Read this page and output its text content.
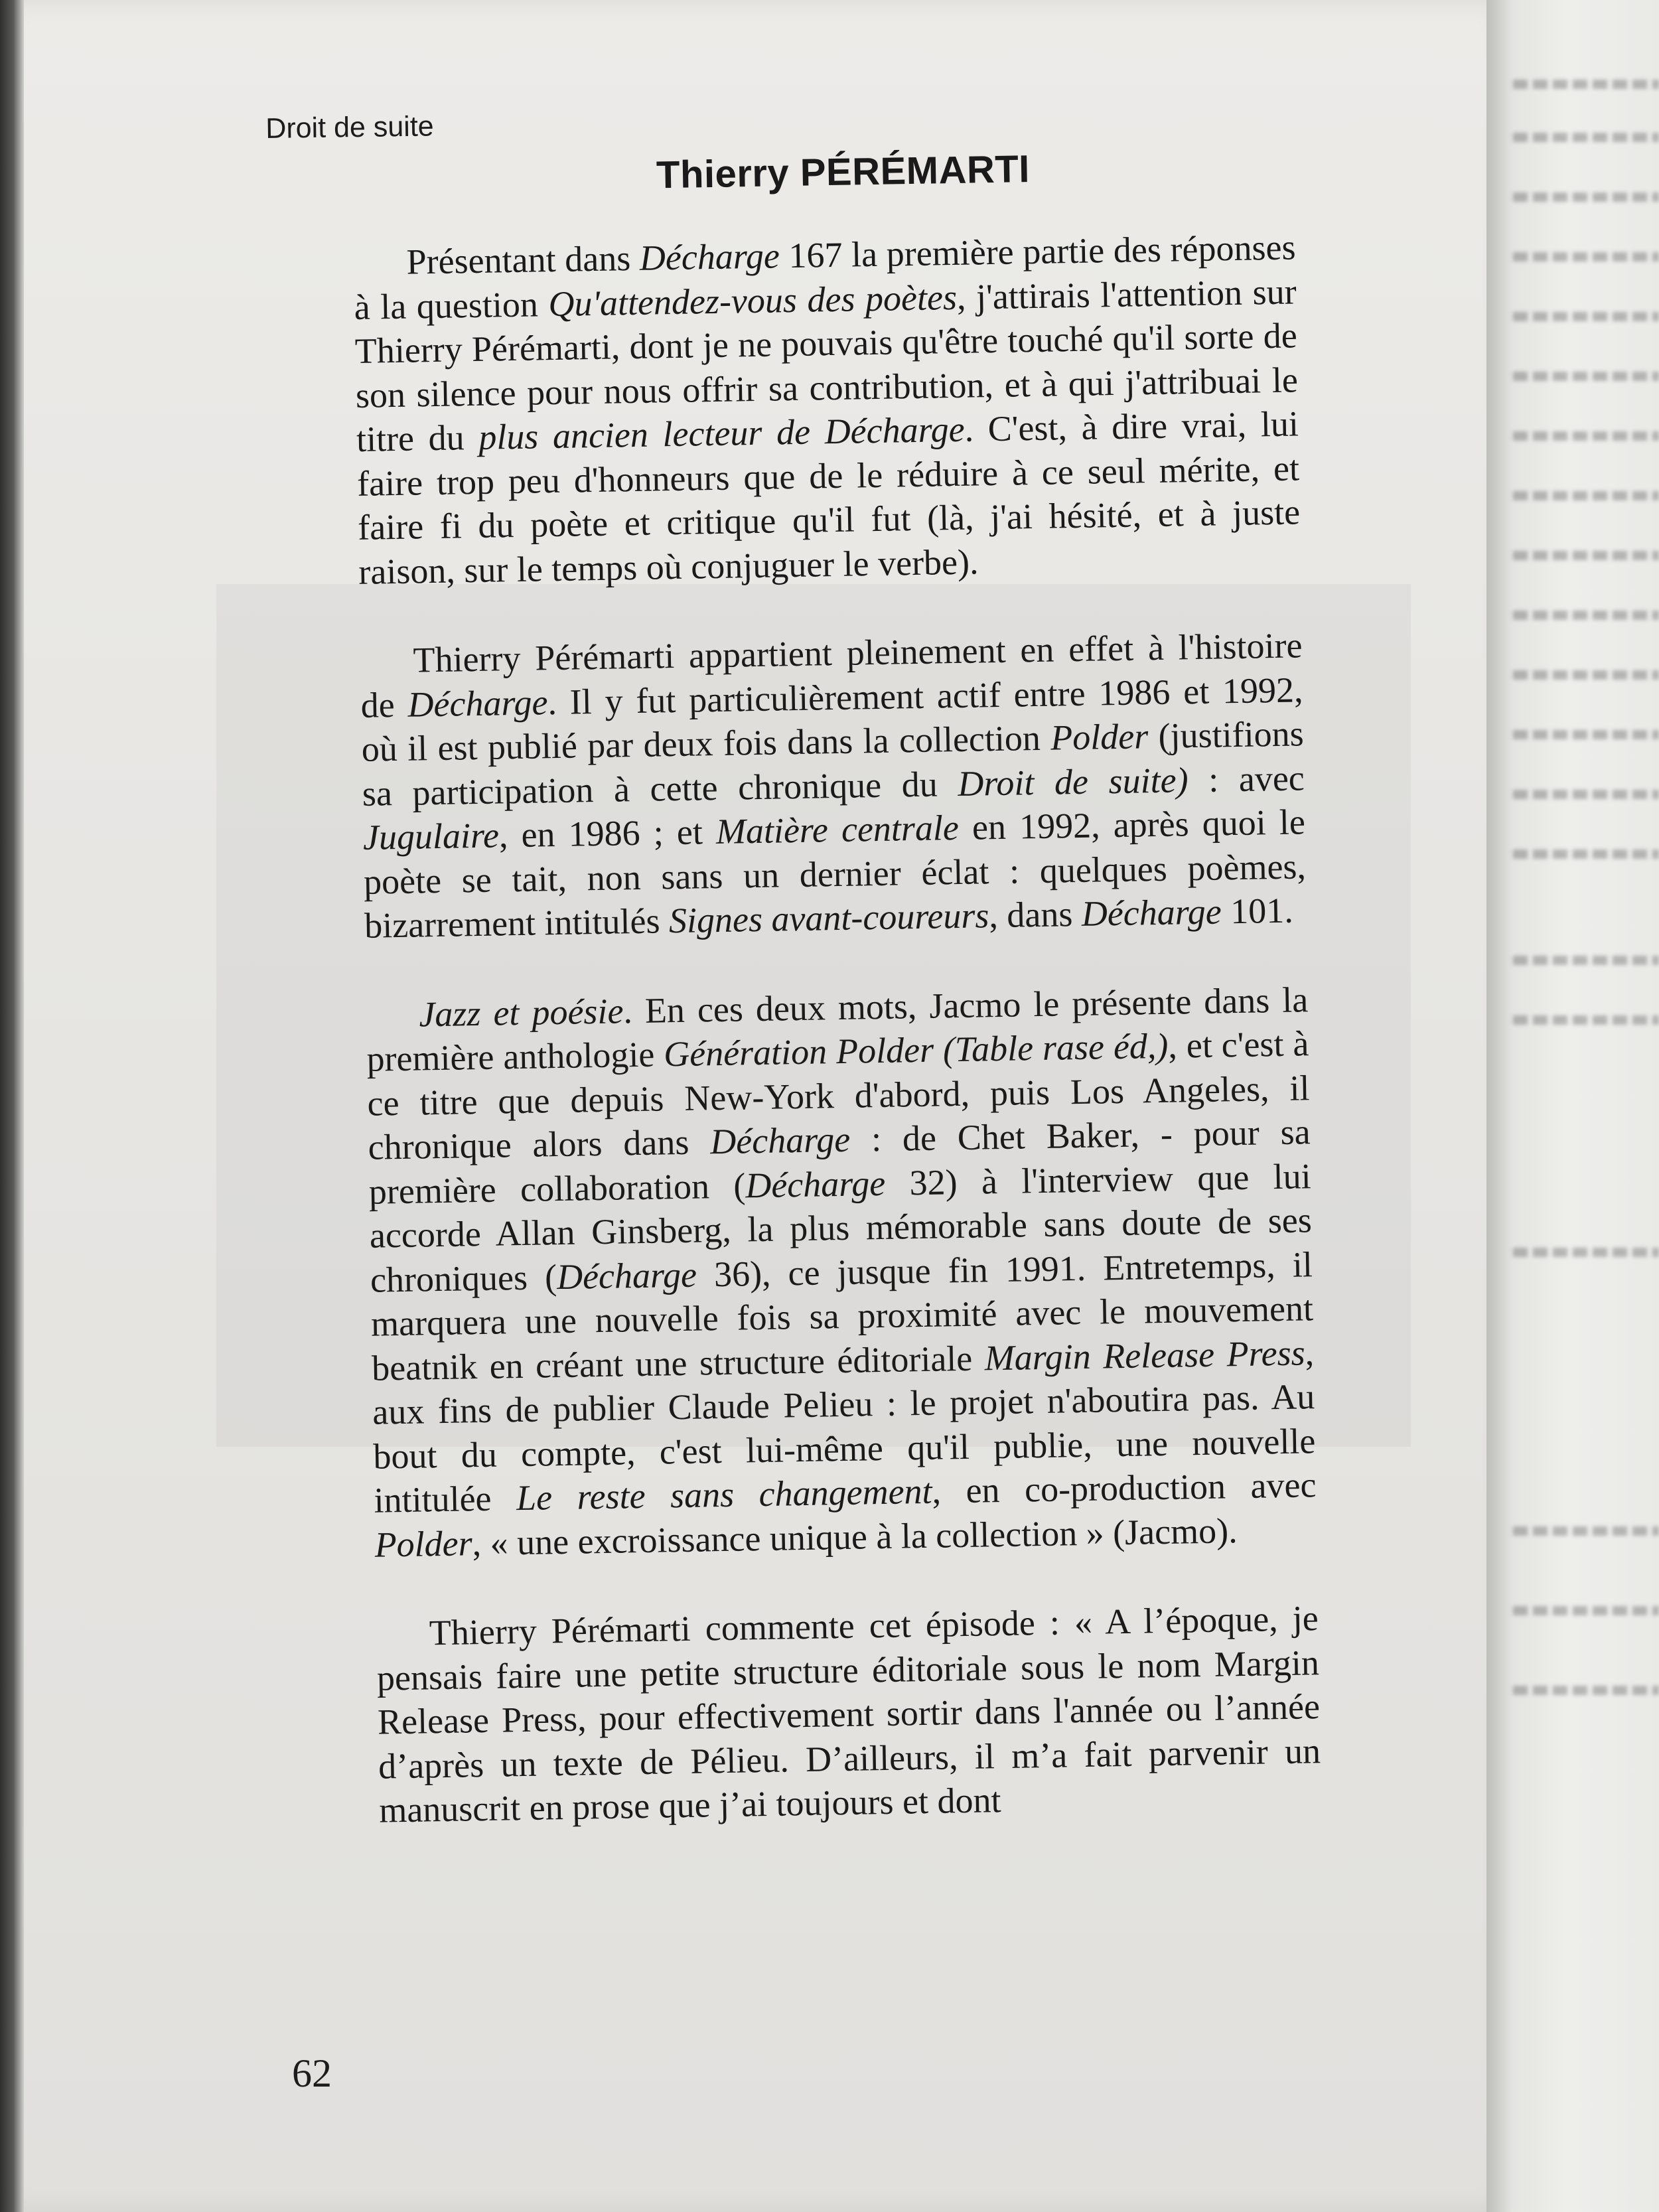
Droit de suite

Thierry PÉRÉMARTI

Présentant dans Décharge 167 la première partie des réponses à la question Qu'attendez-vous des poètes, j'attirais l'attention sur Thierry Pérémarti, dont je ne pouvais qu'être touché qu'il sorte de son silence pour nous offrir sa contribution, et à qui j'attribuai le titre du plus ancien lecteur de Décharge. C'est, à dire vrai, lui faire trop peu d'honneurs que de le réduire à ce seul mérite, et faire fi du poète et critique qu'il fut (là, j'ai hésité, et à juste raison, sur le temps où conjuguer le verbe).

Thierry Pérémarti appartient pleinement en effet à l'histoire de Décharge. Il y fut particulièrement actif entre 1986 et 1992, où il est publié par deux fois dans la collection Polder (justifions sa participation à cette chronique du Droit de suite) : avec Jugulaire, en 1986 ; et Matière centrale en 1992, après quoi le poète se tait, non sans un dernier éclat : quelques poèmes, bizarrement intitulés Signes avant-coureurs, dans Décharge 101.

Jazz et poésie. En ces deux mots, Jacmo le présente dans la première anthologie Génération Polder (Table rase éd,), et c'est à ce titre que depuis New-York d'abord, puis Los Angeles, il chronique alors dans Décharge : de Chet Baker, - pour sa première collaboration (Décharge 32) à l'interview que lui accorde Allan Ginsberg, la plus mémorable sans doute de ses chroniques (Décharge 36), ce jusque fin 1991. Entretemps, il marquera une nouvelle fois sa proximité avec le mouvement beatnik en créant une structure éditoriale Margin Release Press, aux fins de publier Claude Pelieu : le projet n'aboutira pas. Au bout du compte, c'est lui-même qu'il publie, une nouvelle intitulée Le reste sans changement, en co-production avec Polder, « une excroissance unique à la collection » (Jacmo).

Thierry Pérémarti commente cet épisode : « A l’époque, je pensais faire une petite structure éditoriale sous le nom Margin Release Press, pour effectivement sortir dans l'année ou l’année d’après un texte de Pélieu. D’ailleurs, il m’a fait parvenir un manuscrit en prose que j’ai toujours et dont

62
